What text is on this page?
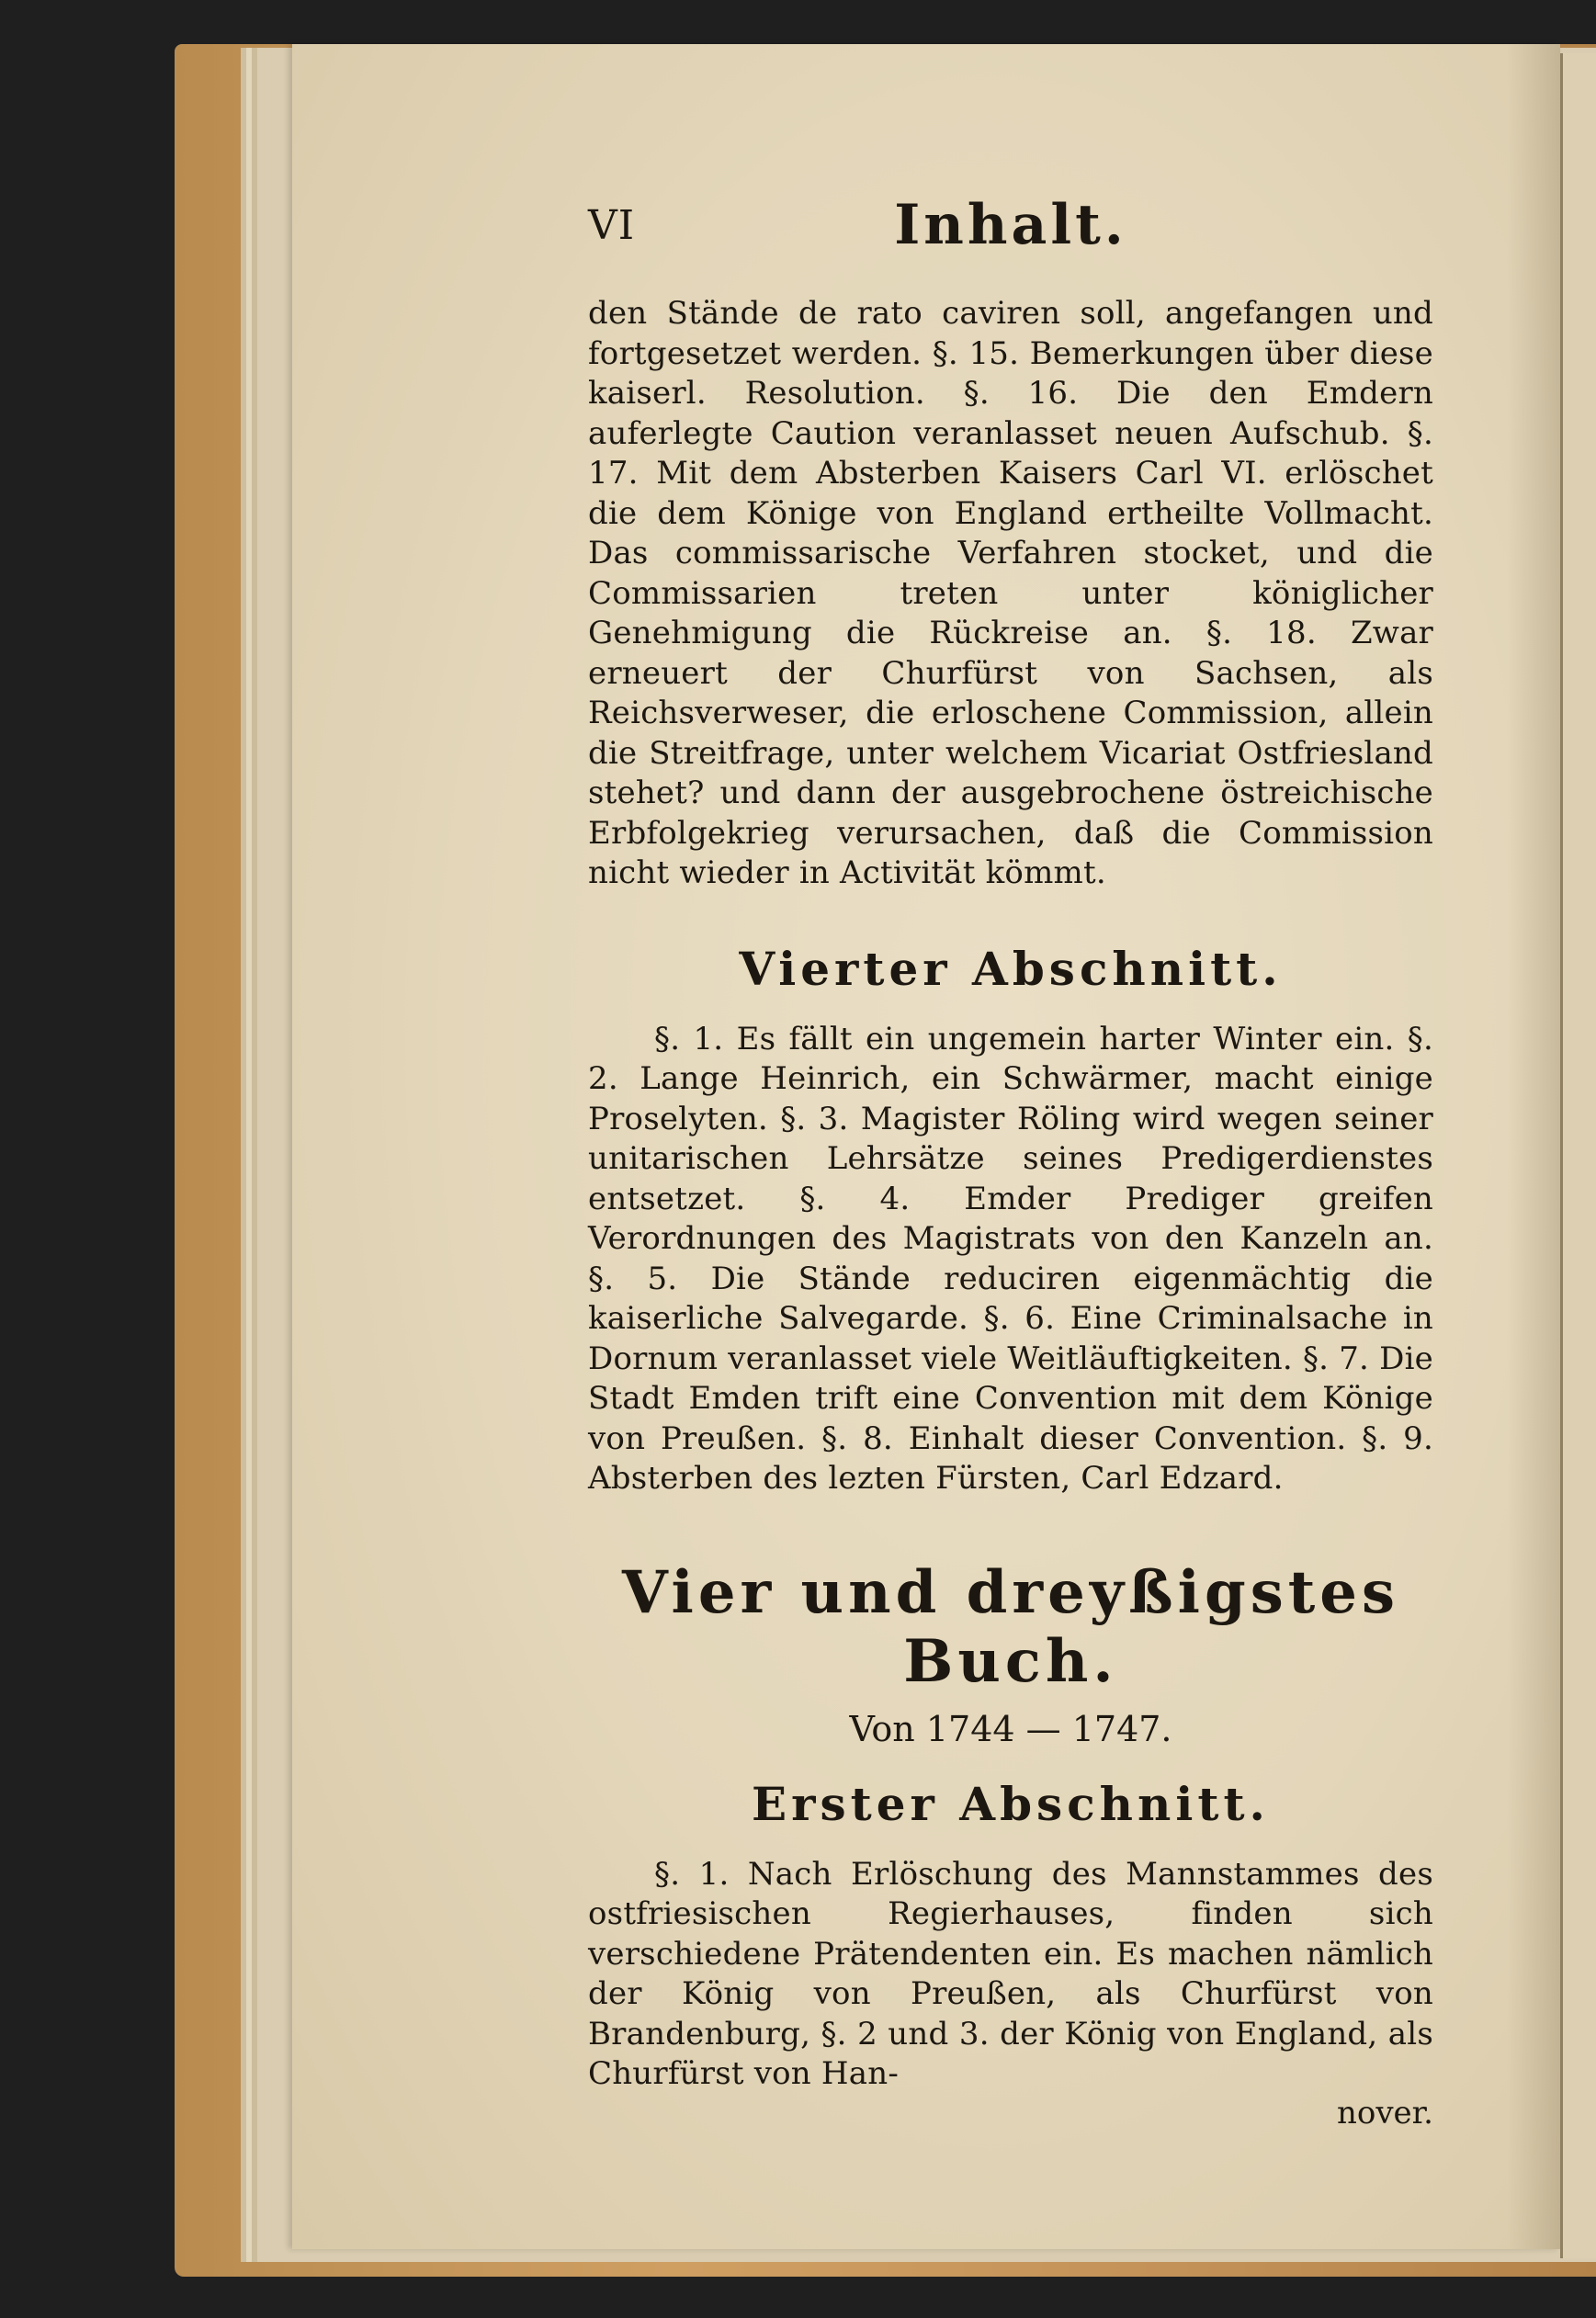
VI	Inhalt.

den Stände de rato caviren soll, angefangen und fortgesetzet werden. §. 15. Bemerkungen über diese kaiserl. Resolution. §. 16. Die den Emdern auferlegte Caution veranlasset neuen Aufschub. §. 17. Mit dem Absterben Kaisers Carl VI. erlöschet die dem Könige von England ertheilte Vollmacht. Das commissarische Verfahren stocket, und die Commissarien treten unter königlicher Genehmigung die Rückreise an. §. 18. Zwar erneuert der Churfürst von Sachsen, als Reichsverweser, die erloschene Commission, allein die Streitfrage, unter welchem Vicariat Ostfriesland stehet? und dann der ausgebrochene östreichische Erbfolgekrieg verursachen, daß die Commission nicht wieder in Activität kömmt.

Vierter Abschnitt.

§. 1. Es fällt ein ungemein harter Winter ein. §. 2. Lange Heinrich, ein Schwärmer, macht einige Proselyten. §. 3. Magister Röling wird wegen seiner unitarischen Lehrsätze seines Predigerdienstes entsetzet. §. 4. Emder Prediger greifen Verordnungen des Magistrats von den Kanzeln an. §. 5. Die Stände reduciren eigenmächtig die kaiserliche Salvegarde. §. 6. Eine Criminalsache in Dornum veranlasset viele Weitläuftigkeiten. §. 7. Die Stadt Emden trift eine Convention mit dem Könige von Preußen. §. 8. Einhalt dieser Convention. §. 9. Absterben des lezten Fürsten, Carl Edzard.

Vier und dreyßigstes Buch.

Von 1744 — 1747.

Erster Abschnitt.

§. 1. Nach Erlöschung des Mannstammes des ostfriesischen Regierhauses, finden sich verschiedene Prätendenten ein. Es machen nämlich der König von Preußen, als Churfürst von Brandenburg, §. 2 und 3. der König von England, als Churfürst von Han-

nover.
